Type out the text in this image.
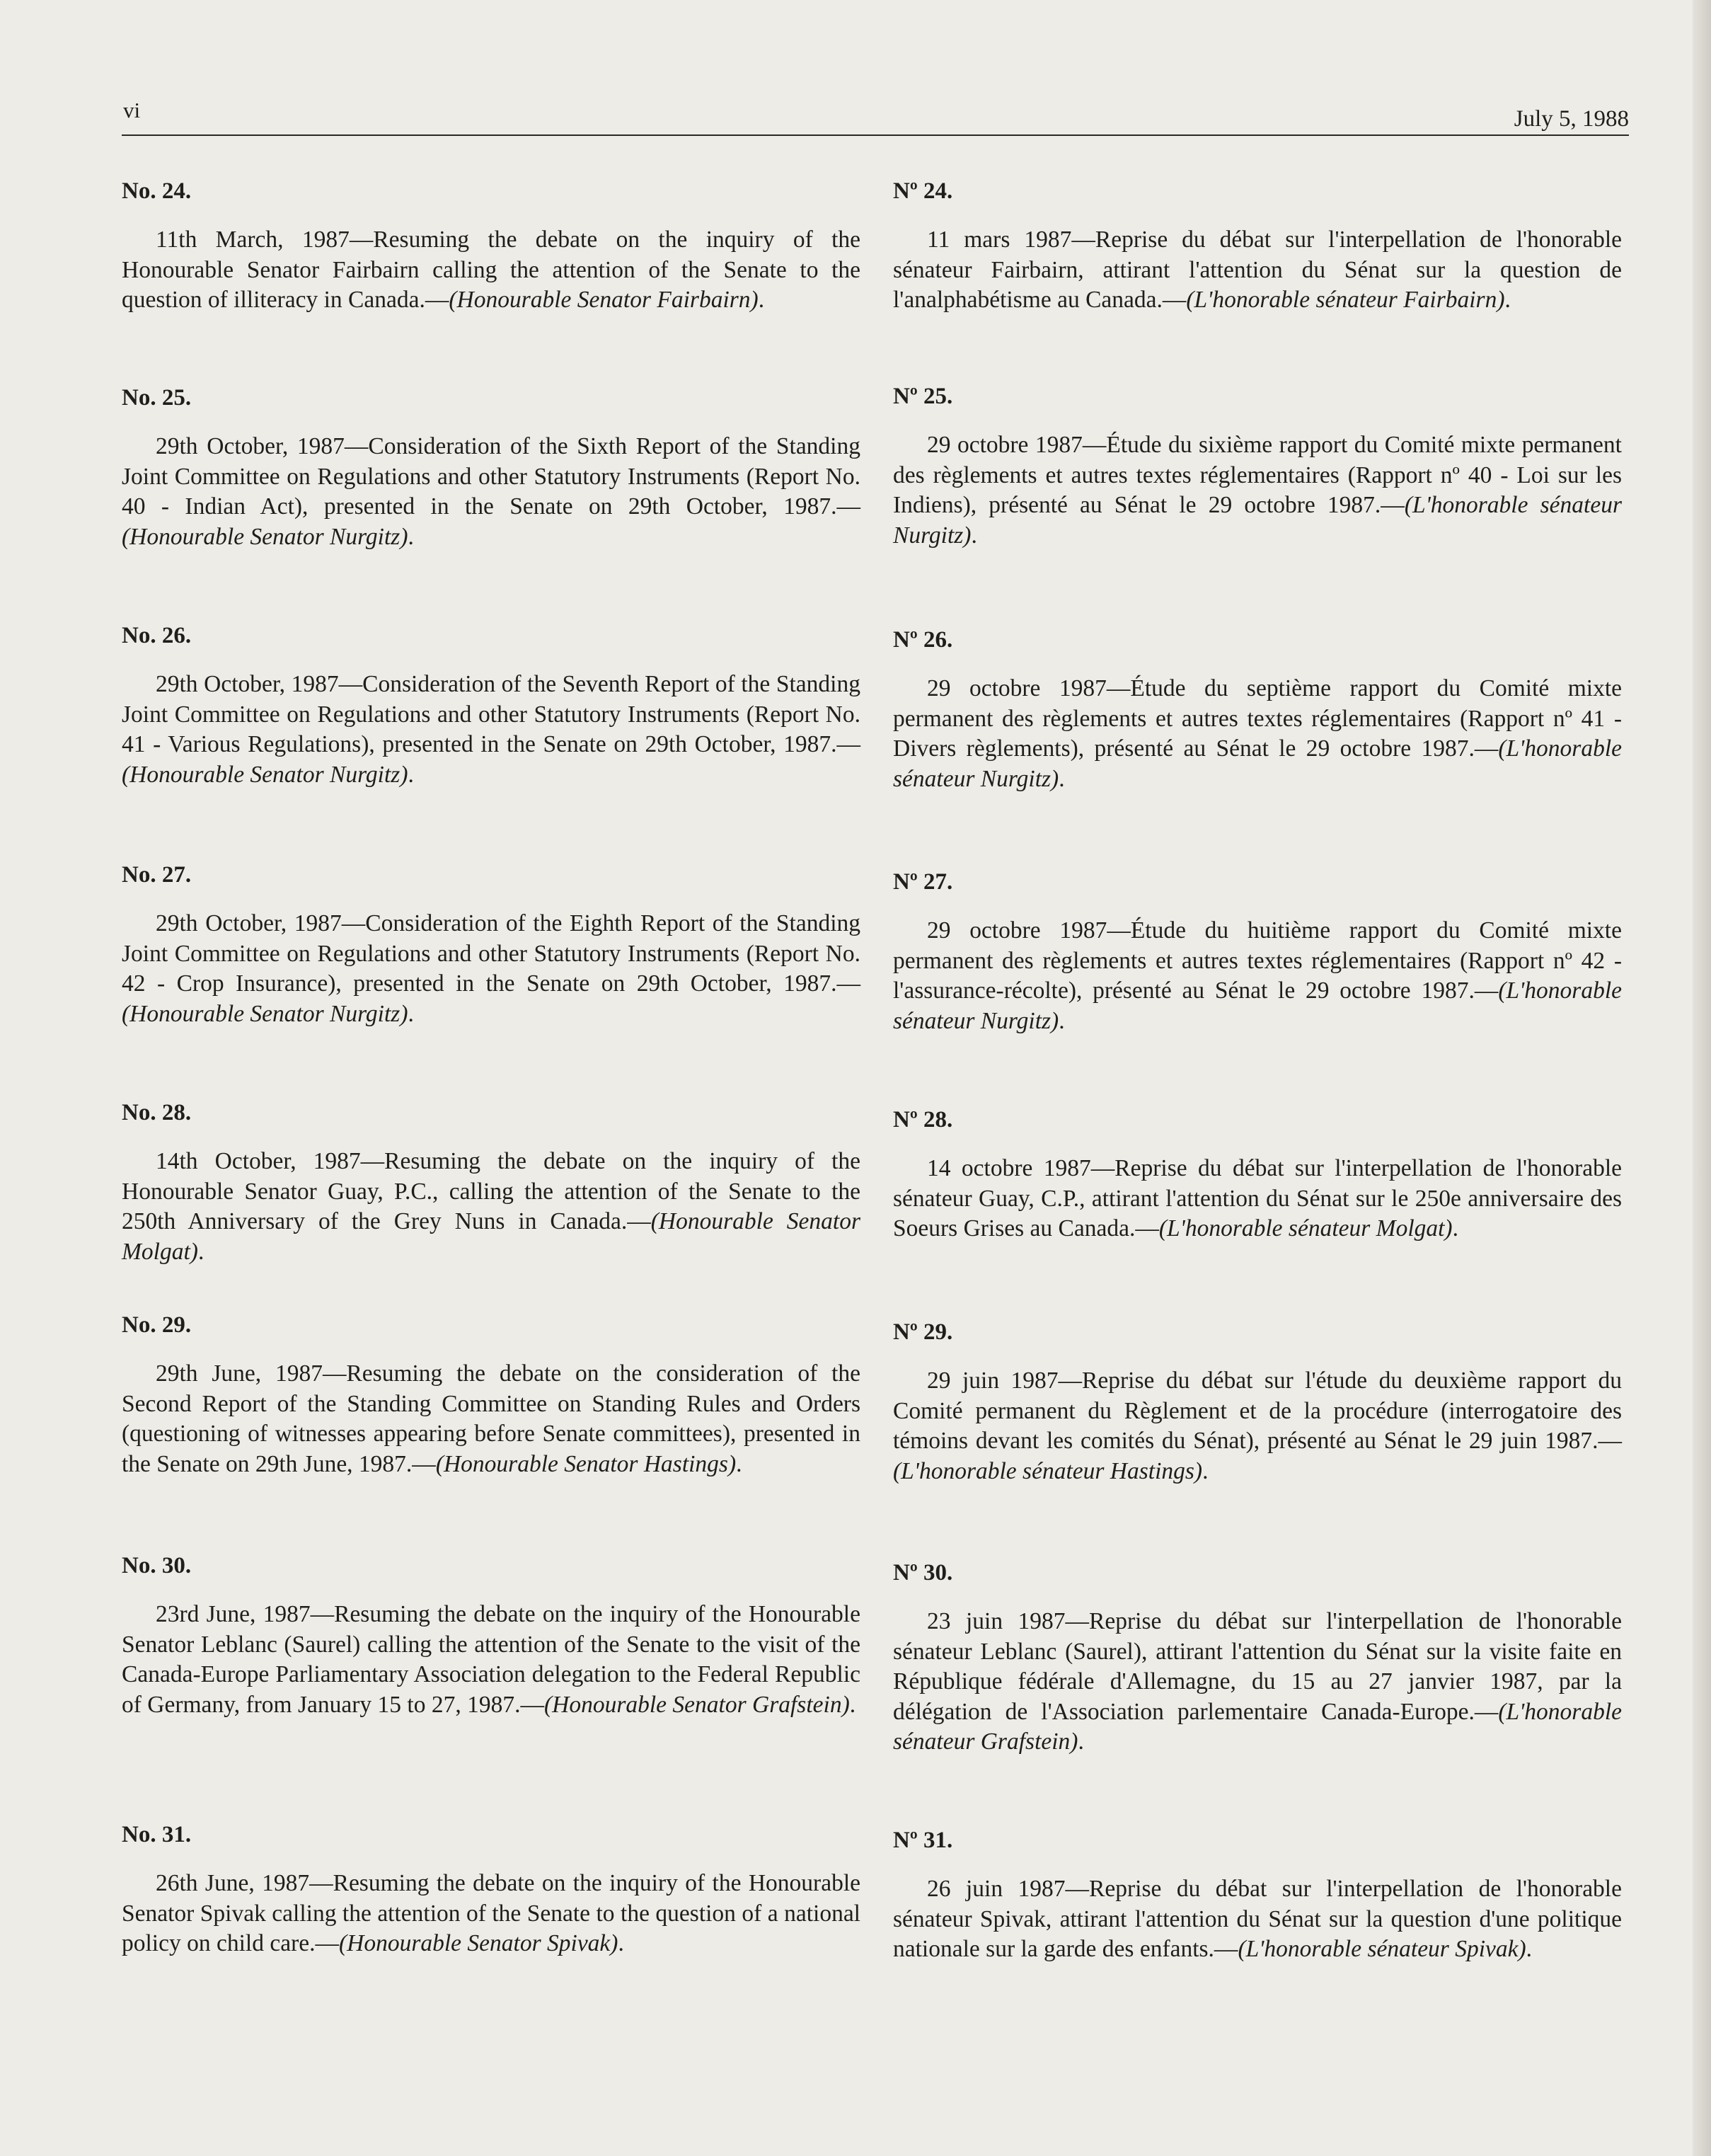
vi	July 5, 1988

No. 24.

11th March, 1987—Resuming the debate on the inquiry of the Honourable Senator Fairbairn calling the attention of the Senate to the question of illiteracy in Canada.—(Honourable Senator Fairbairn).

No. 25.

29th October, 1987—Consideration of the Sixth Report of the Standing Joint Committee on Regulations and other Statutory Instruments (Report No. 40 - Indian Act), presented in the Senate on 29th October, 1987.—(Honourable Senator Nurgitz).

No. 26.

29th October, 1987—Consideration of the Seventh Report of the Standing Joint Committee on Regulations and other Statutory Instruments (Report No. 41 - Various Regulations), presented in the Senate on 29th October, 1987.—(Honourable Senator Nurgitz).

No. 27.

29th October, 1987—Consideration of the Eighth Report of the Standing Joint Committee on Regulations and other Statutory Instruments (Report No. 42 - Crop Insurance), presented in the Senate on 29th October, 1987.—(Honourable Senator Nurgitz).

No. 28.

14th October, 1987—Resuming the debate on the inquiry of the Honourable Senator Guay, P.C., calling the attention of the Senate to the 250th Anniversary of the Grey Nuns in Canada.—(Honourable Senator Molgat).

No. 29.

29th June, 1987—Resuming the debate on the consideration of the Second Report of the Standing Committee on Standing Rules and Orders (questioning of witnesses appearing before Senate committees), presented in the Senate on 29th June, 1987.—(Honourable Senator Hastings).

No. 30.

23rd June, 1987—Resuming the debate on the inquiry of the Honourable Senator Leblanc (Saurel) calling the attention of the Senate to the visit of the Canada-Europe Parliamentary Association delegation to the Federal Republic of Germany, from January 15 to 27, 1987.—(Honourable Senator Grafstein).

No. 31.

26th June, 1987—Resuming the debate on the inquiry of the Honourable Senator Spivak calling the attention of the Senate to the question of a national policy on child care.—(Honourable Senator Spivak).

Nº 24.

11 mars 1987—Reprise du débat sur l'interpellation de l'honorable sénateur Fairbairn, attirant l'attention du Sénat sur la question de l'analphabétisme au Canada.—(L'honorable sénateur Fairbairn).

Nº 25.

29 octobre 1987—Étude du sixième rapport du Comité mixte permanent des règlements et autres textes réglementaires (Rapport nº 40 - Loi sur les Indiens), présenté au Sénat le 29 octobre 1987.—(L'honorable sénateur Nurgitz).

Nº 26.

29 octobre 1987—Étude du septième rapport du Comité mixte permanent des règlements et autres textes réglementaires (Rapport nº 41 - Divers règlements), présenté au Sénat le 29 octobre 1987.—(L'honorable sénateur Nurgitz).

Nº 27.

29 octobre 1987—Étude du huitième rapport du Comité mixte permanent des règlements et autres textes réglementaires (Rapport nº 42 - l'assurance-récolte), présenté au Sénat le 29 octobre 1987.—(L'honorable sénateur Nurgitz).

Nº 28.

14 octobre 1987—Reprise du débat sur l'interpellation de l'honorable sénateur Guay, C.P., attirant l'attention du Sénat sur le 250e anniversaire des Soeurs Grises au Canada.—(L'honorable sénateur Molgat).

Nº 29.

29 juin 1987—Reprise du débat sur l'étude du deuxième rapport du Comité permanent du Règlement et de la procédure (interrogatoire des témoins devant les comités du Sénat), présenté au Sénat le 29 juin 1987.—(L'honorable sénateur Hastings).

Nº 30.

23 juin 1987—Reprise du débat sur l'interpellation de l'honorable sénateur Leblanc (Saurel), attirant l'attention du Sénat sur la visite faite en République fédérale d'Allemagne, du 15 au 27 janvier 1987, par la délégation de l'Association parlementaire Canada-Europe.—(L'honorable sénateur Grafstein).

Nº 31.

26 juin 1987—Reprise du débat sur l'interpellation de l'honorable sénateur Spivak, attirant l'attention du Sénat sur la question d'une politique nationale sur la garde des enfants.—(L'honorable sénateur Spivak).
